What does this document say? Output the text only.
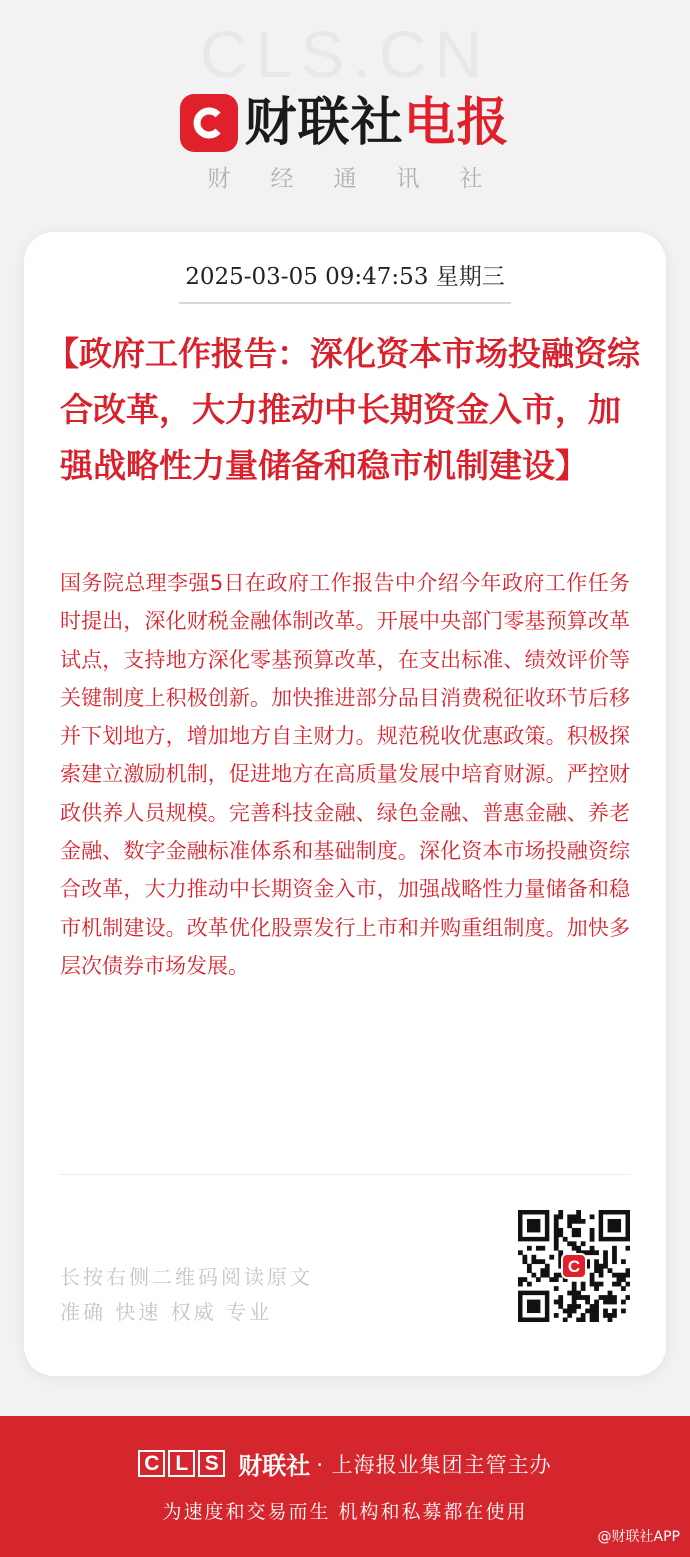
CLS.CN
财联社电报
财经通讯社
2025-03-05 09:47:53 星期三
【政府工作报告：深化资本市场投融资综合改革，大力推动中长期资金入市，加强战略性力量储备和稳市机制建设】

国务院总理李强5日在政府工作报告中介绍今年政府工作任务时提出，深化财税金融体制改革。开展中央部门零基预算改革试点，支持地方深化零基预算改革，在支出标准、绩效评价等关键制度上积极创新。加快推进部分品目消费税征收环节后移并下划地方，增加地方自主财力。规范税收优惠政策。积极探索建立激励机制，促进地方在高质量发展中培育财源。严控财政供养人员规模。完善科技金融、绿色金融、普惠金融、养老金融、数字金融标准体系和基础制度。深化资本市场投融资综合改革，大力推动中长期资金入市，加强战略性力量储备和稳市机制建设。改革优化股票发行上市和并购重组制度。加快多层次债券市场发展。

长按右侧二维码阅读原文
准确 快速 权威 专业
C
C L S 财联社 · 上海报业集团主管主办
为速度和交易而生 机构和私募都在使用
@财联社APP
